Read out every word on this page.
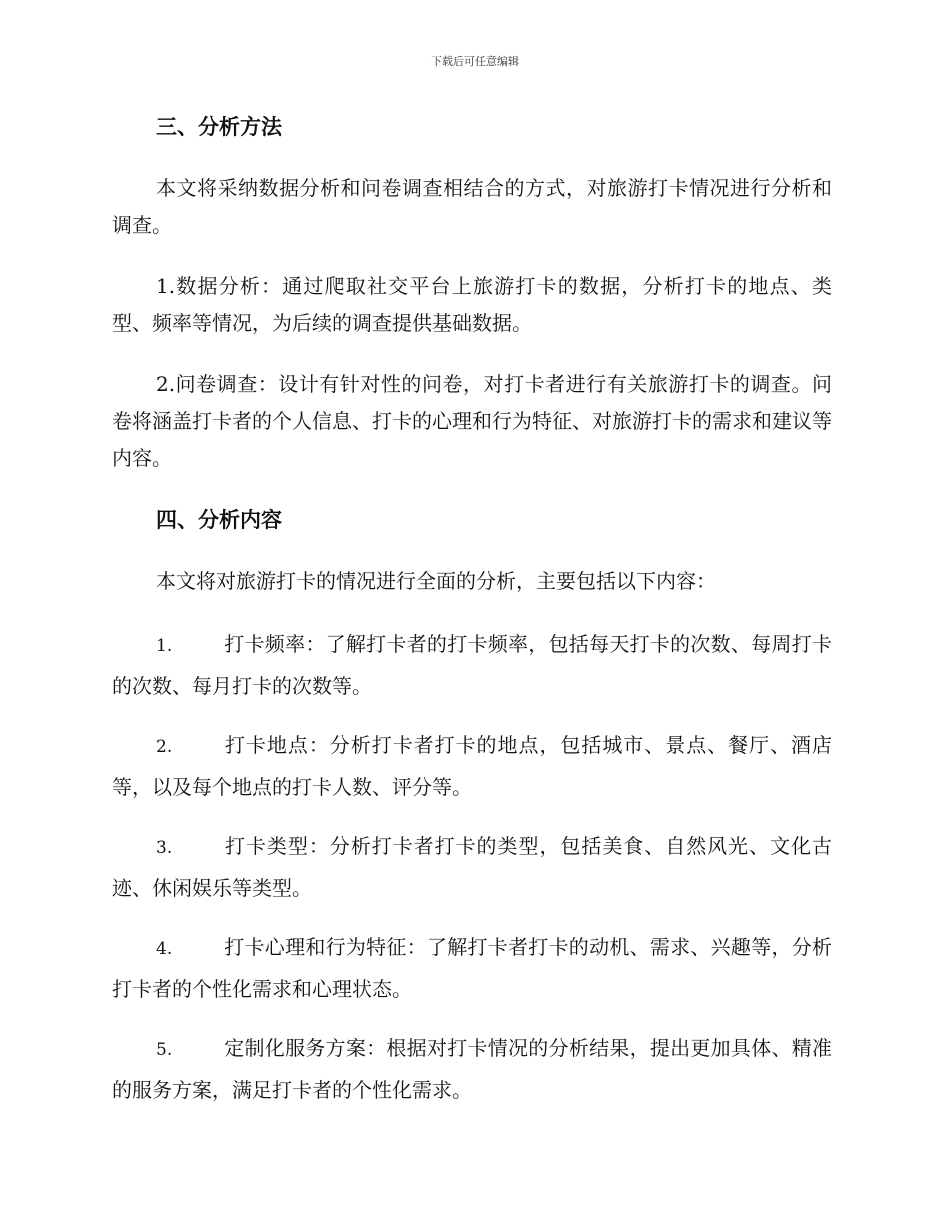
下载后可任意编辑
三、分析方法

本文将采纳数据分析和问卷调查相结合的方式，对旅游打卡情况进行分析和调查。

1.数据分析：通过爬取社交平台上旅游打卡的数据，分析打卡的地点、类型、频率等情况，为后续的调查提供基础数据。

2.问卷调查：设计有针对性的问卷，对打卡者进行有关旅游打卡的调查。问卷将涵盖打卡者的个人信息、打卡的心理和行为特征、对旅游打卡的需求和建议等内容。

四、分析内容

本文将对旅游打卡的情况进行全面的分析，主要包括以下内容：

1.	打卡频率：了解打卡者的打卡频率，包括每天打卡的次数、每周打卡的次数、每月打卡的次数等。
2.	打卡地点：分析打卡者打卡的地点，包括城市、景点、餐厅、酒店等，以及每个地点的打卡人数、评分等。
3.	打卡类型：分析打卡者打卡的类型，包括美食、自然风光、文化古迹、休闲娱乐等类型。
4.	打卡心理和行为特征：了解打卡者打卡的动机、需求、兴趣等，分析打卡者的个性化需求和心理状态。
5.	定制化服务方案：根据对打卡情况的分析结果，提出更加具体、精准的服务方案，满足打卡者的个性化需求。
